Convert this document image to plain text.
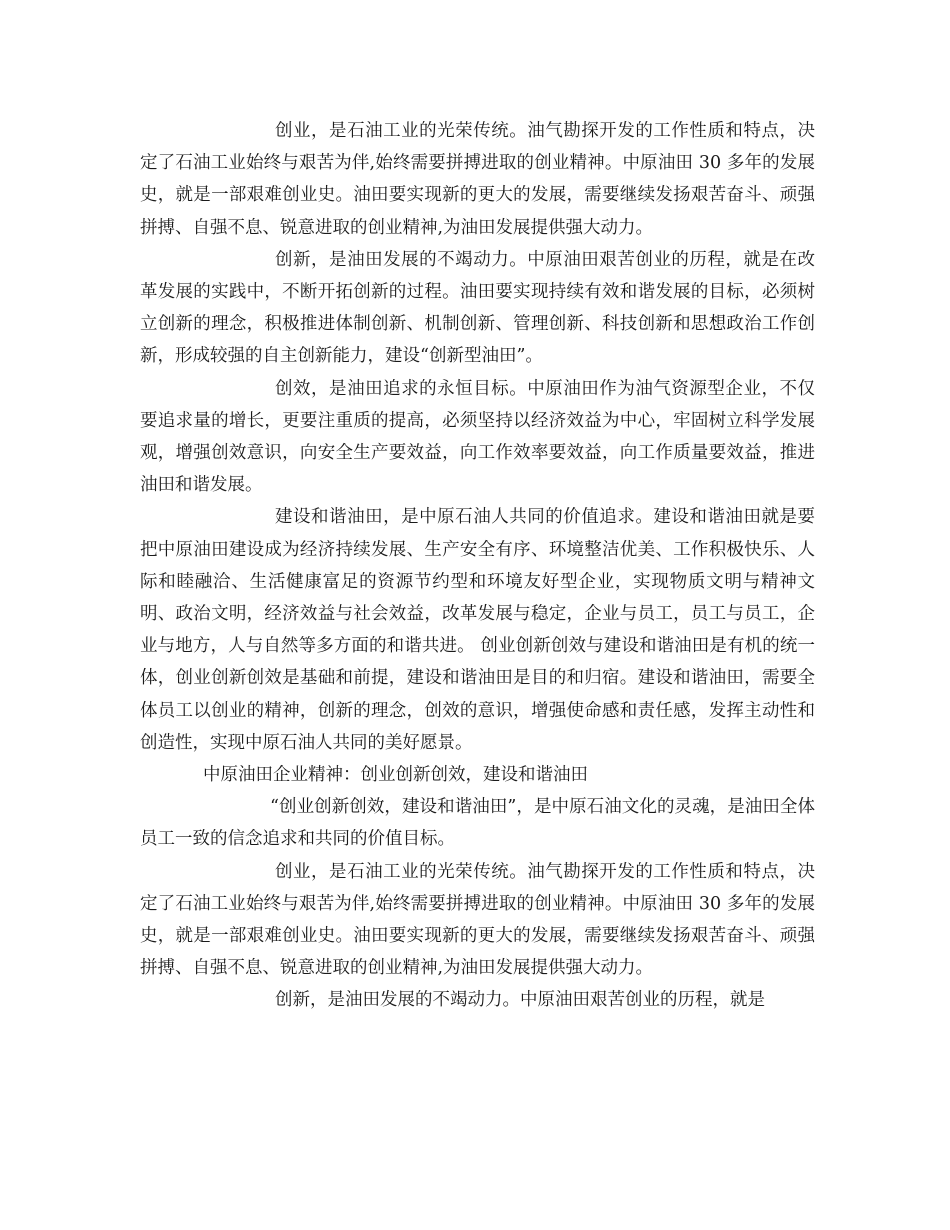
创业，是石油工业的光荣传统。油气勘探开发的工作性质和特点，决定了石油工业始终与艰苦为伴,始终需要拼搏进取的创业精神。中原油田 30 多年的发展史，就是一部艰难创业史。油田要实现新的更大的发展，需要继续发扬艰苦奋斗、顽强拼搏、自强不息、锐意进取的创业精神,为油田发展提供强大动力。

创新，是油田发展的不竭动力。中原油田艰苦创业的历程，就是在改革发展的实践中，不断开拓创新的过程。油田要实现持续有效和谐发展的目标，必须树立创新的理念，积极推进体制创新、机制创新、管理创新、科技创新和思想政治工作创新，形成较强的自主创新能力，建设“创新型油田”。

创效，是油田追求的永恒目标。中原油田作为油气资源型企业，不仅要追求量的增长，更要注重质的提高，必须坚持以经济效益为中心，牢固树立科学发展观，增强创效意识，向安全生产要效益，向工作效率要效益，向工作质量要效益，推进油田和谐发展。

建设和谐油田，是中原石油人共同的价值追求。建设和谐油田就是要把中原油田建设成为经济持续发展、生产安全有序、环境整洁优美、工作积极快乐、人际和睦融洽、生活健康富足的资源节约型和环境友好型企业，实现物质文明与精神文明、政治文明，经济效益与社会效益，改革发展与稳定，企业与员工，员工与员工，企业与地方，人与自然等多方面的和谐共进。 创业创新创效与建设和谐油田是有机的统一体，创业创新创效是基础和前提，建设和谐油田是目的和归宿。建设和谐油田，需要全体员工以创业的精神，创新的理念，创效的意识，增强使命感和责任感，发挥主动性和创造性，实现中原石油人共同的美好愿景。

中原油田企业精神：创业创新创效，建设和谐油田

“创业创新创效，建设和谐油田”，是中原石油文化的灵魂，是油田全体员工一致的信念追求和共同的价值目标。

创业，是石油工业的光荣传统。油气勘探开发的工作性质和特点，决定了石油工业始终与艰苦为伴,始终需要拼搏进取的创业精神。中原油田 30 多年的发展史，就是一部艰难创业史。油田要实现新的更大的发展，需要继续发扬艰苦奋斗、顽强拼搏、自强不息、锐意进取的创业精神,为油田发展提供强大动力。

创新，是油田发展的不竭动力。中原油田艰苦创业的历程，就是
